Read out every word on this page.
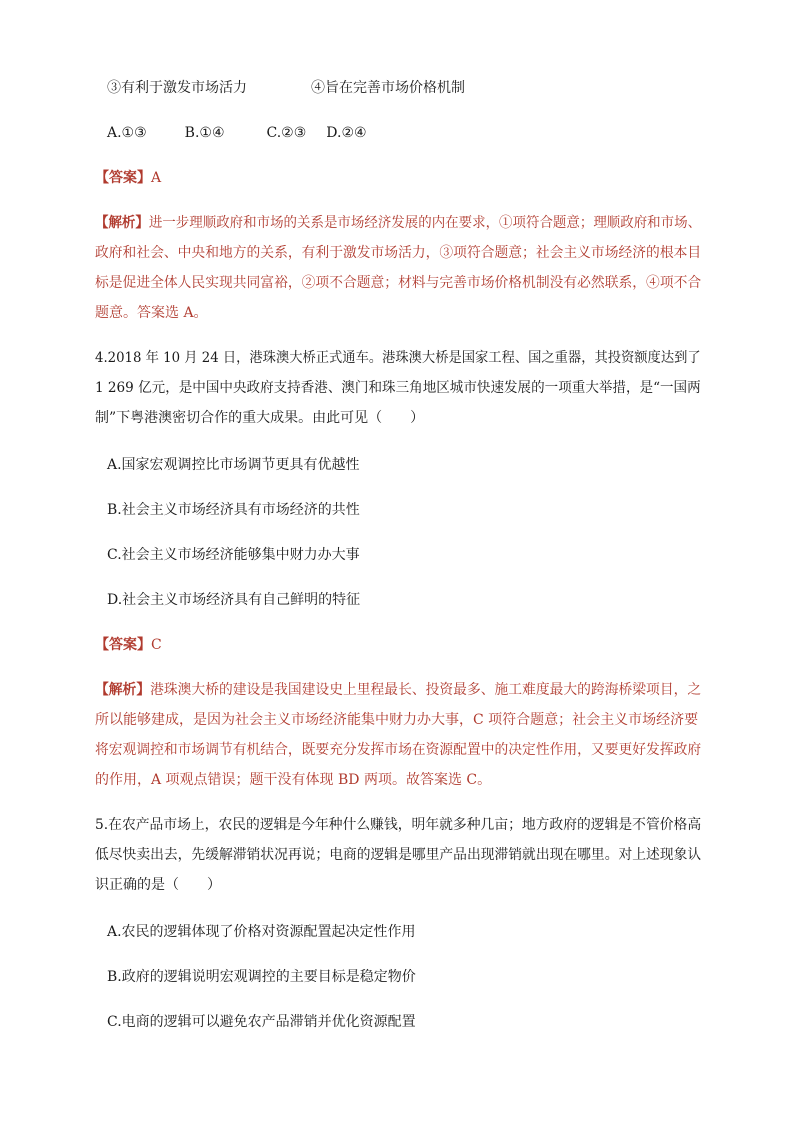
③有利于激发市场活力	④旨在完善市场价格机制
A.①③	B.①④	C.②③ D.②④
【答案】A
【解析】进一步理顺政府和市场的关系是市场经济发展的内在要求，①项符合题意；理顺政府和市场、
政府和社会、中央和地方的关系，有利于激发市场活力，③项符合题意；社会主义市场经济的根本目
标是促进全体人民实现共同富裕，②项不合题意；材料与完善市场价格机制没有必然联系，④项不合
题意。答案选 A。
4.2018 年 10 月 24 日，港珠澳大桥正式通车。港珠澳大桥是国家工程、国之重器，其投资额度达到了
1 269 亿元，是中国中央政府支持香港、澳门和珠三角地区城市快速发展的一项重大举措，是“一国两
制”下粤港澳密切合作的重大成果。由此可见（　　）
A.国家宏观调控比市场调节更具有优越性
B.社会主义市场经济具有市场经济的共性
C.社会主义市场经济能够集中财力办大事
D.社会主义市场经济具有自己鲜明的特征
【答案】C
【解析】港珠澳大桥的建设是我国建设史上里程最长、投资最多、施工难度最大的跨海桥梁项目，之
所以能够建成，是因为社会主义市场经济能集中财力办大事，C 项符合题意；社会主义市场经济要
将宏观调控和市场调节有机结合，既要充分发挥市场在资源配置中的决定性作用，又要更好发挥政府
的作用，A 项观点错误；题干没有体现 BD 两项。故答案选 C。
5.在农产品市场上，农民的逻辑是今年种什么赚钱，明年就多种几亩；地方政府的逻辑是不管价格高
低尽快卖出去，先缓解滞销状况再说；电商的逻辑是哪里产品出现滞销就出现在哪里。对上述现象认
识正确的是（　　）
A.农民的逻辑体现了价格对资源配置起决定性作用
B.政府的逻辑说明宏观调控的主要目标是稳定物价
C.电商的逻辑可以避免农产品滞销并优化资源配置
